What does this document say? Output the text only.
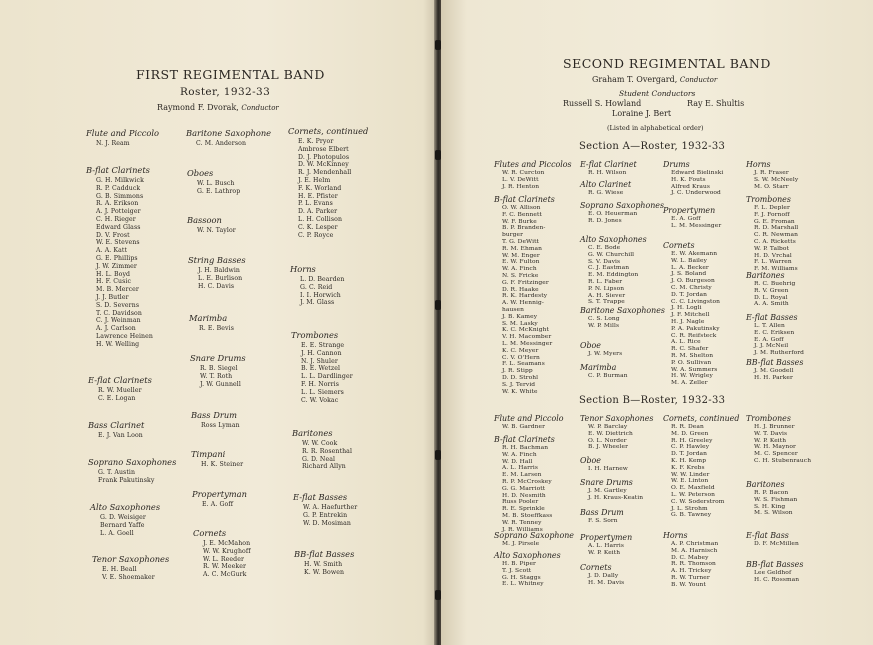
FIRST REGIMENTAL BAND
Roster, 1932-33
Raymond F. Dvorak, Conductor
Flute and Piccolo
N. J. Ream
B-flat Clarinets
G. H. Milkwick
R. P. Cadduck
G. B. Simmons
R. A. Erikson
A. J. Potteiger
C. H. Rieger
Edward Glass
D. V. Frost
W. E. Stevens
A. A. Katt
G. E. Phillips
J. W. Zimmer
H. L. Boyd
H. F. Cusic
M. B. Mercer
J. J. Butler
S. D. Severns
T. C. Davidson
C. J. Weinman
A. J. Carlson
Lawrence Heinen
H. W. Welling
E-flat Clarinets
R. W. Mueller
C. E. Logan
Bass Clarinet
E. J. Van Loon
Soprano Saxophones
G. T. Austin
Frank Pakutinsky
Alto Saxophones
G. D. Weisiger
Bernard Yaffe
L. A. Goell
Tenor Saxophones
E. H. Beall
V. E. Shoemaker
Baritone Saxophone
C. M. Anderson
Oboes
W. L. Busch
G. E. Lathrop
Bassoon
W. N. Taylor
String Basses
J. H. Baldwin
L. E. Burlison
H. C. Davis
Marimba
R. E. Bevis
Snare Drums
R. B. Siegel
W. T. Roth
J. W. Gunnell
Bass Drum
Ross Lyman
Timpani
H. K. Steiner
Propertyman
E. A. Goff
Cornets
J. E. McMahon
W. W. Krughoff
W. L. Reeder
R. W. Meeker
A. C. McGurk
Cornets, continued
E. K. Pryor
Ambrose Elbert
D. J. Photopulos
D. W. McKinney
R. J. Mendenhall
J. E. Helm
F. K. Worland
H. E. Pfister
P. L. Evans
D. A. Parker
L. H. Collison
C. K. Lesper
C. P. Royce
Horns
L. D. Bearden
G. C. Reid
I. I. Horwich
J. M. Glass
Trombones
E. E. Strange
J. H. Cannon
N. J. Shuler
B. E. Wetzel
L. L. Dardlinger
F. H. Norris
L. L. Siemers
C. W. Vokac
Baritones
W. W. Cook
R. R. Rosenthal
G. D. Neal
Richard Allyn
E-flat Basses
W. A. Haefurther
G. P. Entrekin
W. D. Mosiman
BB-flat Basses
H. W. Smith
K. W. Bowen
SECOND REGIMENTAL BAND
Graham T. Overgard, Conductor
Student Conductors
Russell S. Howland	Ray E. Shultis
Loraine J. Bert
(Listed in alphabetical order)
Section A—Roster, 1932-33
Flutes and Piccolos
W. R. Curcton
L. V. DeWitt
J. R. Henton
B-flat Clarinets
O. W. Allison
F. C. Bennett
W. F. Burke
B. P. Branden-
burger
T. G. DeWitt
R. M. Ehman
W. M. Enger
E. W. Fulton
W. A. Finch
N. S. Fricke
G. F. Fritzinger
D. R. Haake
R. K. Hardesty
A. W. Hennig-
hausen
J. B. Kamey
S. M. Lasky
K. C. McKnight
V. H. Macomber
L. M. Messinger
K. C. Meyer
C. V. O'Hern
F. L. Seamans
J. R. Stipp
D. D. Strohl
S. J. Tervid
W. K. White
E-flat Clarinet
R. H. Wilson
Alto Clarinet
R. G. Wiese
Soprano Saxophones
E. O. Heuerman
R. D. Jones
Alto Saxophones
C. E. Bode
G. W. Churchill
S. V. Davis
C. J. Eastman
E. M. Eddington
R. L. Faber
P. N. Lipson
A. H. Siever
S. T. Trappe
Baritone Saxophones
C. S. Long
W. P. Mills
Oboe
J. W. Myers
Marimba
C. P. Burman
Drums
Edward Bielinski
H. K. Fouts
Alfred Kraus
J. C. Underwood
Propertymen
E. A. Goff
L. M. Messinger
Cornets
E. W. Akemann
W. L. Bailey
L. A. Becker
J. S. Boland
J. O. Burgeson
C. M. Christy
D. T. Jordan
C. C. Livingston
J. H. Logli
J. F. Mitchell
H. J. Nagle
P. A. Pakutinsky
C. R. Reifsteck
A. L. Rice
R. C. Shafer
R. M. Shelton
P. O. Sullivan
W. A. Summers
H. W. Wrigley
M. A. Zeller
Horns
J. R. Fraser
S. W. McNeely
M. O. Starr
Trombones
F. L. Depler
F. J. Fornoff
G. E. Froman
R. D. Marshall
C. R. Newman
C. A. Ricketts
W. P. Talbot
H. D. Vrchal
F. L. Warren
F. M. Williams
Baritones
R. C. Buehrig
R. V. Green
D. L. Royal
A. A. Smith
E-flat Basses
L. T. Allen
E. C. Eriksen
E. A. Goff
J. J. McNeil
J. M. Rutherford
BB-flat Basses
J. M. Goodell
H. H. Parker
Section B—Roster, 1932-33
Flute and Piccolo
W. B. Gardner
B-flat Clarinets
R. H. Bachman
W. A. Finch
W. D. Hall
A. L. Harris
E. M. Larsen
R. P. McCroskey
G. G. Marriott
H. D. Nesmith
Russ Pooler
R. E. Sprinkle
M. B. Stoeffkass
W. R. Tenney
J. R. Williams
Soprano Saxophone
M. J. Pirsele
Alto Saxophones
H. B. Piper
T. J. Scott
G. H. Staggs
E. L. Whitney
Tenor Saxophones
W. P. Barclay
E. W. Diettrich
O. L. Norder
B. J. Wheeler
Oboe
I. H. Harnew
Snare Drums
J. M. Gartley
J. H. Kraus-Keatin
Bass Drum
F. S. Sorn
Propertymen
A. L. Harris
W. P. Keith
Cornets
J. D. Dally
H. M. Davis
Cornets, continued
R. R. Dean
M. D. Green
R. H. Greeley
C. P. Hawley
D. T. Jordan
K. H. Kemp
K. F. Krebs
W. W. Linder
W. E. Linton
O. E. Maxfield
L. W. Peterson
C. W. Soderstrom
J. L. Strohm
G. B. Tawney
Horns
A. P. Christman
M. A. Harnisch
D. C. Mabey
R. R. Thomson
A. H. Trickey
R. W. Turner
B. W. Yount
Trombones
H. J. Brunner
W. T. Davis
W. P. Keith
W. H. Maynor
M. C. Spencer
C. H. Stubenrauch
Baritones
R. P. Bacon
W. S. Fishman
S. H. King
M. S. Wilson
E-flat Bass
D. F. McMillen
BB-flat Basses
Lee Geldhof
H. C. Rossman
